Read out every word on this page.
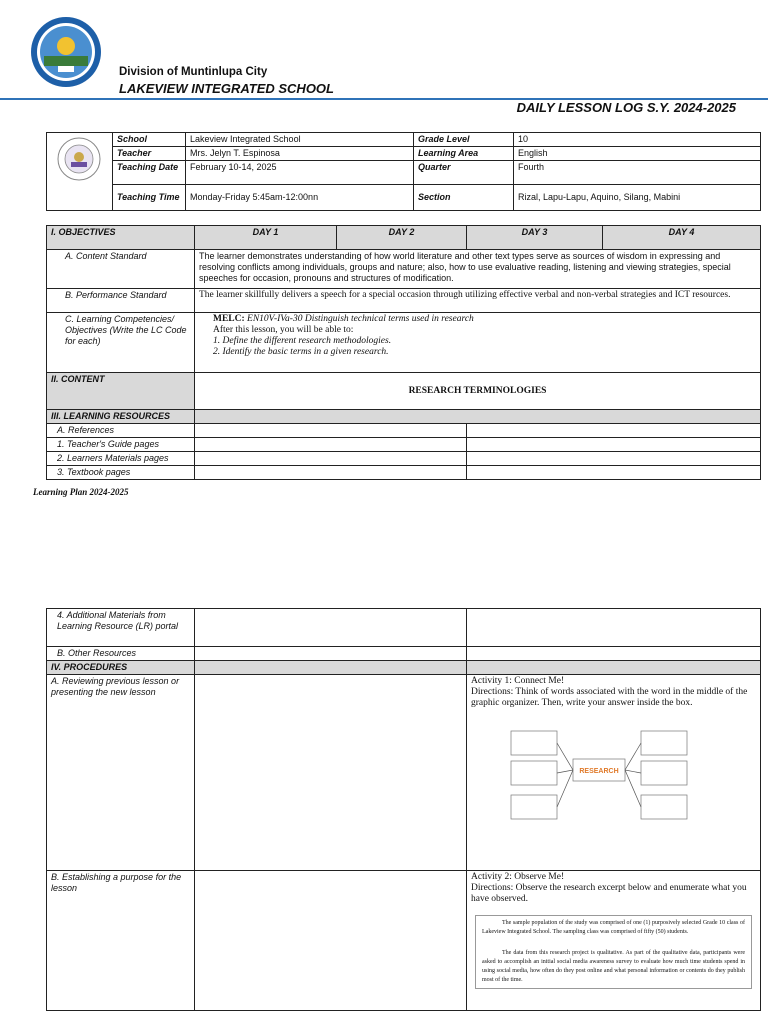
Division of Muntinlupa City
LAKEVIEW INTEGRATED SCHOOL
DAILY LESSON LOG S.Y. 2024-2025
	School	Lakeview Integrated School	Grade Level	10
	Teacher	Mrs. Jelyn T. Espinosa	Learning Area	English
	Teaching Date	February 10-14, 2025	Quarter	Fourth
	Teaching Time	Monday-Friday 5:45am-12:00nn	Section	Rizal, Lapu-Lapu, Aquino, Silang, Mabini
I. OBJECTIVES	DAY 1	DAY 2	DAY 3	DAY 4
A. Content Standard	The learner demonstrates understanding of how world literature and other text types serve as sources of wisdom in expressing and resolving conflicts among individuals, groups and nature; also, how to use evaluative reading, listening and viewing strategies, special speeches for occasion, pronouns and structures of modification.			
B. Performance Standard	The learner skillfully delivers a speech for a special occasion through utilizing effective verbal and non-verbal strategies and ICT resources.			
C. Learning Competencies/ Objectives (Write the LC Code for each)	MELC: EN10V-IVa-30 Distinguish technical terms used in research
After this lesson, you will be able to:
1. Define the different research methodologies.
2. Identify the basic terms in a given research.			

II. CONTENT	RESEARCH TERMINOLOGIES			
III. LEARNING RESOURCES				
A. References				
1. Teacher's Guide pages				
2. Learners Materials pages				
3. Textbook pages				
Learning Plan 2024-2025
4. Additional Materials from Learning Resource (LR) portal		
B. Other Resources		
IV. PROCEDURES		
A. Reviewing previous lesson or presenting the new lesson		Activity 1: Connect Me!
Directions: Think of words associated with the word in the middle of the graphic organizer. Then, write your answer inside the box.
RESEARCH

B. Establishing a purpose for the lesson		Activity 2: Observe Me!
Directions: Observe the research excerpt below and enumerate what you have observed.

The sample population of the study was comprised of one (1) purposively selected Grade 10 class of Lakeview Integrated School. The sampling class was comprised of fifty (50) students.

The data from this research project is qualitative. As part of the qualitative data, participants were asked to accomplish an initial social media awareness survey to evaluate how much time students spend in using social media, how often do they post online and what personal information or contents do they publish most of the time.
